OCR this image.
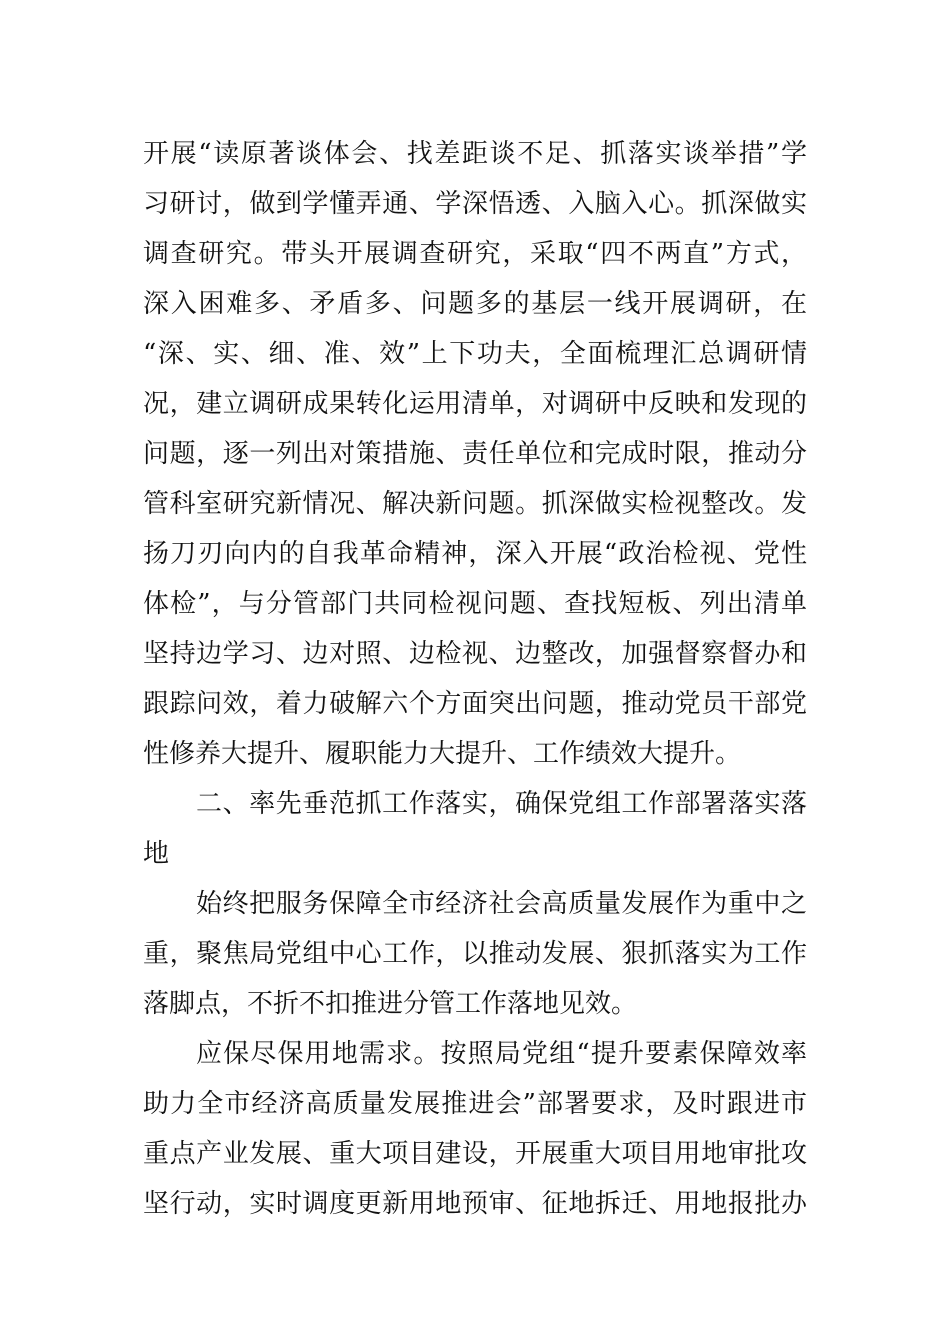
开展“读原著谈体会、找差距谈不足、抓落实谈举措”学
习研讨，做到学懂弄通、学深悟透、入脑入心。抓深做实
调查研究。带头开展调查研究，采取“四不两直”方式，
深入困难多、矛盾多、问题多的基层一线开展调研，在
“深、实、细、准、效”上下功夫，全面梳理汇总调研情
况，建立调研成果转化运用清单，对调研中反映和发现的
问题，逐一列出对策措施、责任单位和完成时限，推动分
管科室研究新情况、解决新问题。抓深做实检视整改。发
扬刀刃向内的自我革命精神，深入开展“政治检视、党性
体检”，与分管部门共同检视问题、查找短板、列出清单
坚持边学习、边对照、边检视、边整改，加强督察督办和
跟踪问效，着力破解六个方面突出问题，推动党员干部党
性修养大提升、履职能力大提升、工作绩效大提升。
二、率先垂范抓工作落实，确保党组工作部署落实落
地
始终把服务保障全市经济社会高质量发展作为重中之
重，聚焦局党组中心工作，以推动发展、狠抓落实为工作
落脚点，不折不扣推进分管工作落地见效。
应保尽保用地需求。按照局党组“提升要素保障效率
助力全市经济高质量发展推进会”部署要求，及时跟进市
重点产业发展、重大项目建设，开展重大项目用地审批攻
坚行动，实时调度更新用地预审、征地拆迁、用地报批办
